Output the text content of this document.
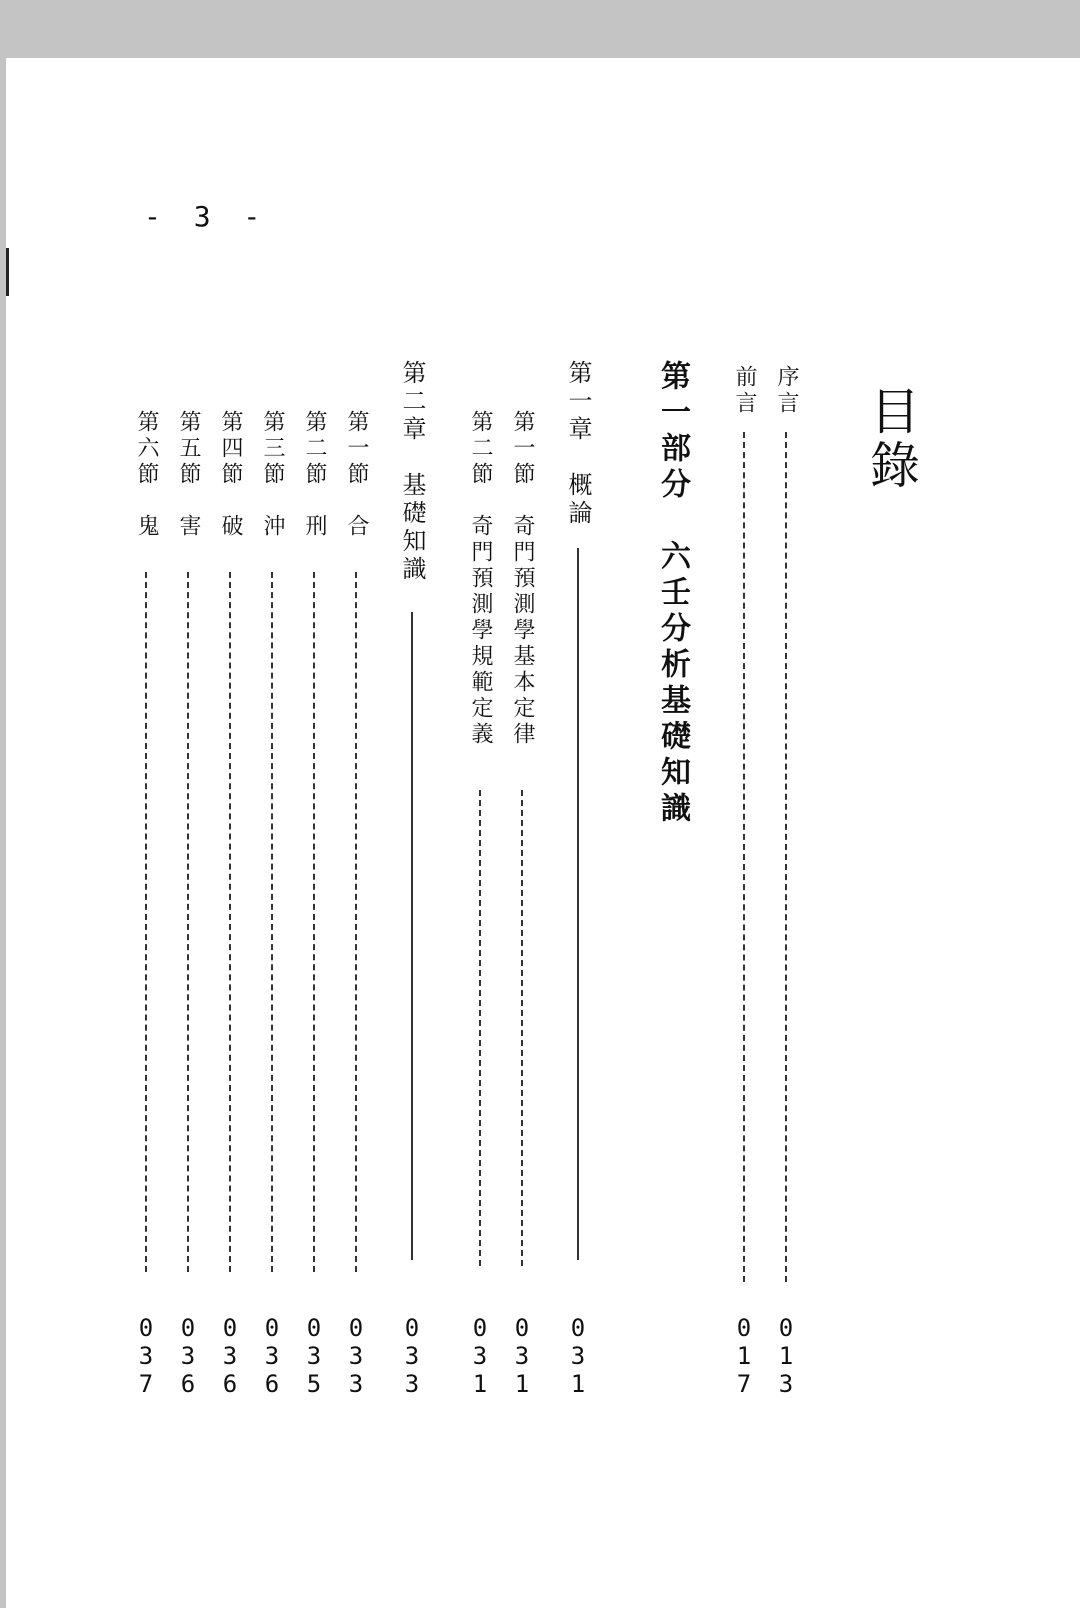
- 3 -
目錄
序言
013
前言
017
第一部分　六壬分析基礎知識
第一章　概論
031
第一節　奇門預測學基本定律
031
第二節　奇門預測學規範定義
031
第二章　基礎知識
033
第一節　合
033
第二節　刑
035
第三節　沖
036
第四節　破
036
第五節　害
036
第六節　鬼
037
